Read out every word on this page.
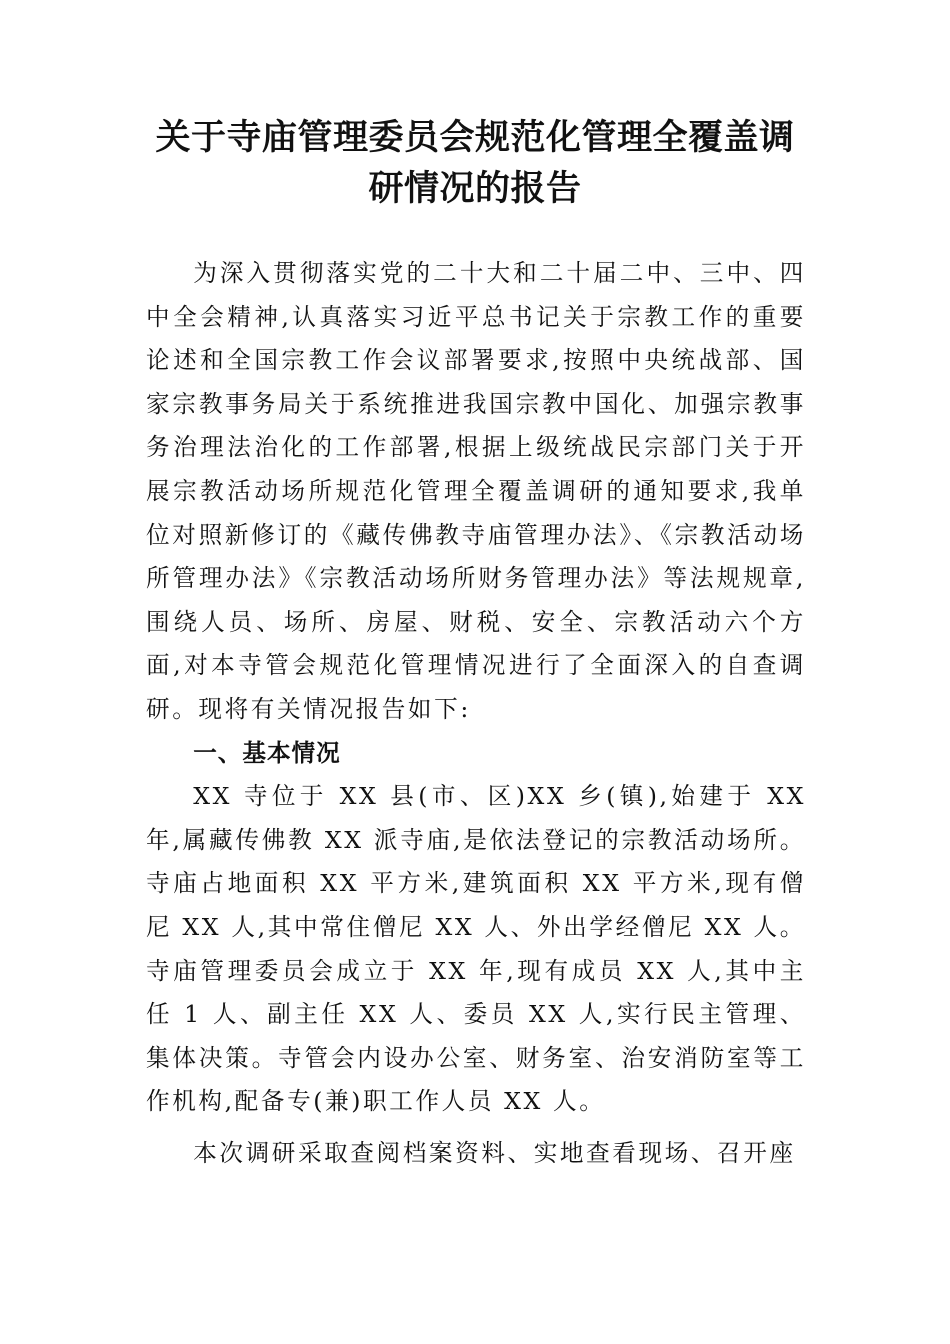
关于寺庙管理委员会规范化管理全覆盖调
研情况的报告

为深入贯彻落实党的二十大和二十届二中、三中、四中全会精神,认真落实习近平总书记关于宗教工作的重要论述和全国宗教工作会议部署要求,按照中央统战部、国家宗教事务局关于系统推进我国宗教中国化、加强宗教事务治理法治化的工作部署,根据上级统战民宗部门关于开展宗教活动场所规范化管理全覆盖调研的通知要求,我单位对照新修订的《藏传佛教寺庙管理办法》、《宗教活动场所管理办法》《宗教活动场所财务管理办法》等法规规章,围绕人员、场所、房屋、财税、安全、宗教活动六个方面,对本寺管会规范化管理情况进行了全面深入的自查调研。现将有关情况报告如下:

一、基本情况

XX 寺位于 XX 县(市、区)XX 乡(镇),始建于 XX 年,属藏传佛教 XX 派寺庙,是依法登记的宗教活动场所。寺庙占地面积 XX 平方米,建筑面积 XX 平方米,现有僧尼 XX 人,其中常住僧尼 XX 人、外出学经僧尼 XX 人。寺庙管理委员会成立于 XX 年,现有成员 XX 人,其中主任 1 人、副主任 XX 人、委员 XX 人,实行民主管理、集体决策。寺管会内设办公室、财务室、治安消防室等工作机构,配备专(兼)职工作人员 XX 人。

本次调研采取查阅档案资料、实地查看现场、召开座
